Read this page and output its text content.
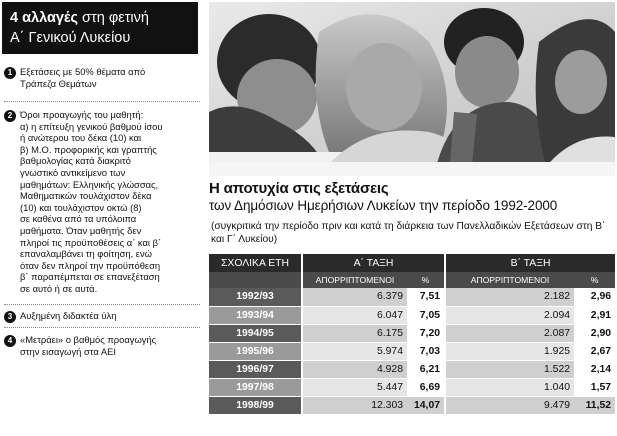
4 αλλαγές στη φετινή
Α΄ Γενικού Λυκείου
1 Εξετάσεις με 50% θέματα από

Τράπεζα Θεμάτων

2 Όροι προαγωγής του μαθητή:

α) η επίτευξη γενικού βαθμού ίσου

ή ανώτερου του δέκα (10) και

β) Μ.Ο. προφορικής και γραπτής

βαθμολογίας κατά διακριτό

γνωστικό αντικείμενο των

μαθημάτων: Ελληνικής γλώσσας,

Μαθηματικών τουλάχιστον δέκα

(10) και τουλάχιστον οκτώ (8)

σε καθένα από τα υπόλοιπα

μαθήματα. Όταν μαθητής δεν

πληροί τις προϋποθέσεις α΄ και β΄

επαναλαμβάνει τη φοίτηση, ενώ

όταν δεν πληροί την προϋπόθεση

β΄ παραπέμπεται σε επανεξέταση

σε αυτό ή σε αυτά.

3 Αυξημένη διδακτέα ύλη

4 «Μετράει» ο βαθμός προαγωγής

στην εισαγωγή στα ΑΕΙ

Η αποτυχία στις εξετάσεις
των Δημόσιων Ημερήσιων Λυκείων την περίοδο 1992-2000
(συγκριτικά την περίοδο πριν και κατά τη διάρκεια των Πανελλαδικών Εξετάσεων στη Β΄ και Γ΄ Λυκείου)
ΣΧΟΛΙΚΑ ΕΤΗ	Α΄ ΤΑΞΗ		Β΄ ΤΑΞΗ	
	ΑΠΟΡΡΙΠΤΟΜΕΝΟΙ	%	ΑΠΟΡΡΙΠΤΟΜΕΝΟΙ	%
1992/93	6.379	7,51	2.182	2,96
1993/94	6.047	7,05	2.094	2,91
1994/95	6.175	7,20	2.087	2,90
1995/96	5.974	7,03	1.925	2,67
1996/97	4.928	6,21	1.522	2,14
1997/98	5.447	6,69	1.040	1,57
1998/99	12.303	14,07	9.479	11,52
